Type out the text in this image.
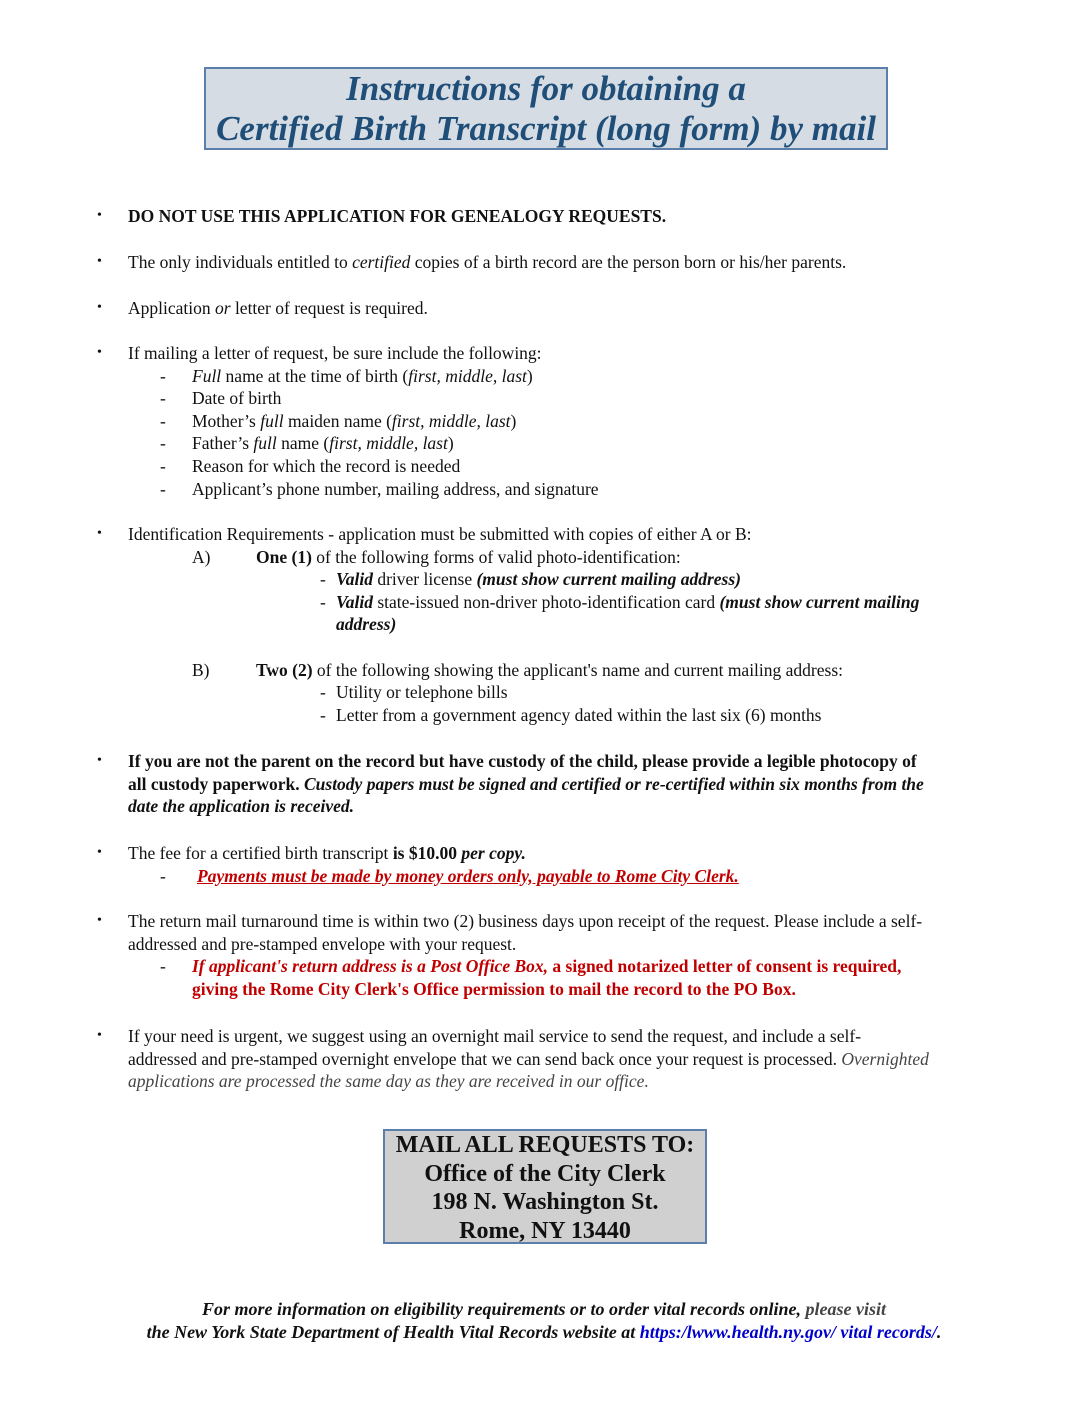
Instructions for obtaining a
Certified Birth Transcript (long form) by mail
• DO NOT USE THIS APPLICATION FOR GENEALOGY REQUESTS.
• The only individuals entitled to certified copies of a birth record are the person born or his/her parents.
• Application or letter of request is required.
• If mailing a letter of request, be sure include the following:
- Full name at the time of birth (first, middle, last)
- Date of birth
- Mother’s full maiden name (first, middle, last)
- Father’s full name (first, middle, last)
- Reason for which the record is needed
- Applicant’s phone number, mailing address, and signature
• Identification Requirements - application must be submitted with copies of either A or B:
A)	One (1) of the following forms of valid photo-identification:
- Valid driver license (must show current mailing address)
- Valid state-issued non-driver photo-identification card (must show current mailing
address)
B)	Two (2) of the following showing the applicant's name and current mailing address:
- Utility or telephone bills
- Letter from a government agency dated within the last six (6) months
• If you are not the parent on the record but have custody of the child, please provide a legible photocopy of
all custody paperwork. Custody papers must be signed and certified or re-certified within six months from the
date the application is received.
• The fee for a certified birth transcript is $10.00 per copy.
- Payments must be made by money orders only, payable to Rome City Clerk.
• The return mail turnaround time is within two (2) business days upon receipt of the request. Please include a self-
addressed and pre-stamped envelope with your request.
- If applicant's return address is a Post Office Box, a signed notarized letter of consent is required,
giving the Rome City Clerk's Office permission to mail the record to the PO Box.
• If your need is urgent, we suggest using an overnight mail service to send the request, and include a self-
addressed and pre-stamped overnight envelope that we can send back once your request is processed. Overnighted
applications are processed the same day as they are received in our office.
MAIL ALL REQUESTS TO:
Office of the City Clerk
198 N. Washington St.
Rome, NY 13440
For more information on eligibility requirements or to order vital records online, please visit
the New York State Department of Health Vital Records website at https:/lwww.health.ny.gov/ vital records/.
